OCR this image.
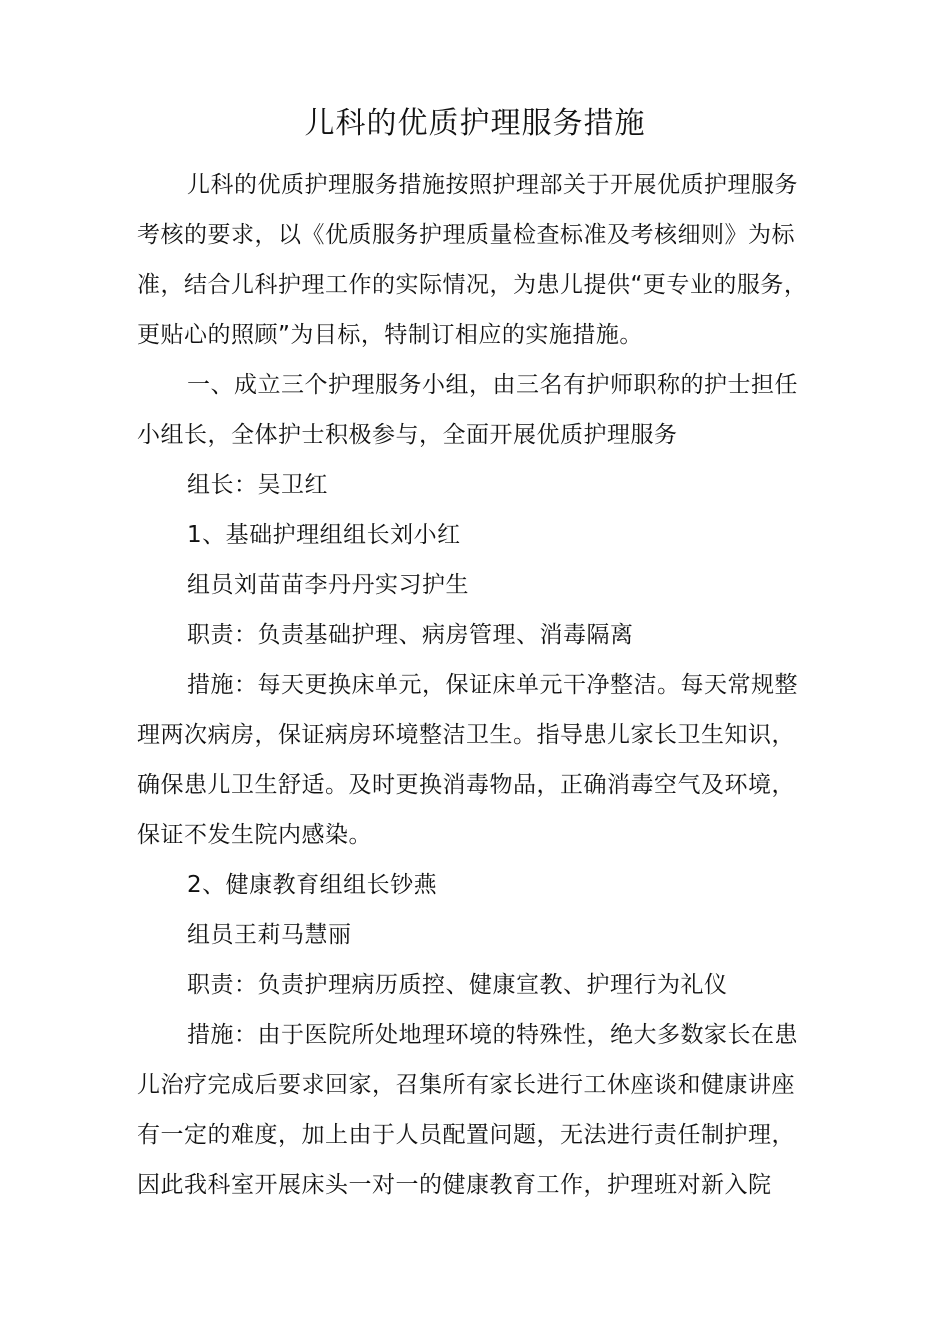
儿科的优质护理服务措施
儿科的优质护理服务措施按照护理部关于开展优质护理服务
考核的要求，以《优质服务护理质量检查标准及考核细则》为标
准，结合儿科护理工作的实际情况，为患儿提供“更专业的服务，
更贴心的照顾”为目标，特制订相应的实施措施。
一、成立三个护理服务小组，由三名有护师职称的护士担任
小组长，全体护士积极参与，全面开展优质护理服务
组长：吴卫红
1、基础护理组组长刘小红
组员刘苗苗李丹丹实习护生
职责：负责基础护理、病房管理、消毒隔离
措施：每天更换床单元，保证床单元干净整洁。每天常规整
理两次病房，保证病房环境整洁卫生。指导患儿家长卫生知识，
确保患儿卫生舒适。及时更换消毒物品，正确消毒空气及环境，
保证不发生院内感染。
2、健康教育组组长钞燕
组员王莉马慧丽
职责：负责护理病历质控、健康宣教、护理行为礼仪
措施：由于医院所处地理环境的特殊性，绝大多数家长在患
儿治疗完成后要求回家，召集所有家长进行工休座谈和健康讲座
有一定的难度，加上由于人员配置问题，无法进行责任制护理，
因此我科室开展床头一对一的健康教育工作，护理班对新入院
